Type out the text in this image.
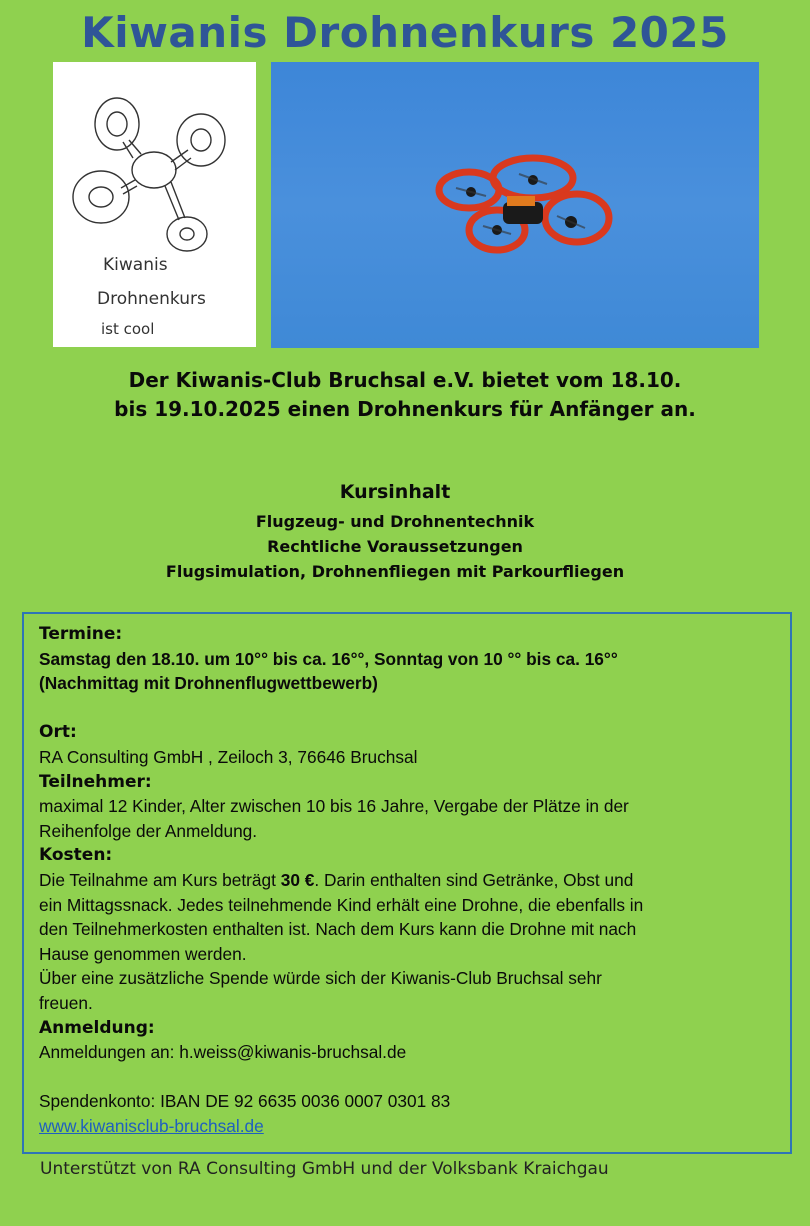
Kiwanis Drohnenkurs 2025
Kiwanis
Drohnenkurs
ist cool
Der Kiwanis-Club Bruchsal e.V. bietet vom 18.10.
bis 19.10.2025 einen Drohnenkurs für Anfänger an.
Kursinhalt
Flugzeug- und Drohnentechnik
Rechtliche Voraussetzungen
Flugsimulation, Drohnenfliegen mit Parkourfliegen
Termine:
Samstag den 18.10. um 10°° bis ca. 16°°, Sonntag von 10 °° bis ca. 16°°
(Nachmittag mit Drohnenflugwettbewerb)
Ort:
RA Consulting GmbH , Zeiloch 3, 76646 Bruchsal
Teilnehmer:
maximal 12 Kinder, Alter zwischen 10 bis 16 Jahre, Vergabe der Plätze in der
Reihenfolge der Anmeldung.
Kosten:
Die Teilnahme am Kurs beträgt 30 €. Darin enthalten sind Getränke, Obst und
ein Mittagssnack. Jedes teilnehmende Kind erhält eine Drohne, die ebenfalls in
den Teilnehmerkosten enthalten ist. Nach dem Kurs kann die Drohne mit nach
Hause genommen werden.
Über eine zusätzliche Spende würde sich der Kiwanis-Club Bruchsal sehr
freuen.
Anmeldung:
Anmeldungen an: h.weiss@kiwanis-bruchsal.de
Spendenkonto: IBAN DE 92 6635 0036 0007 0301 83
www.kiwanisclub-bruchsal.de
Unterstützt von RA Consulting GmbH und der Volksbank Kraichgau
